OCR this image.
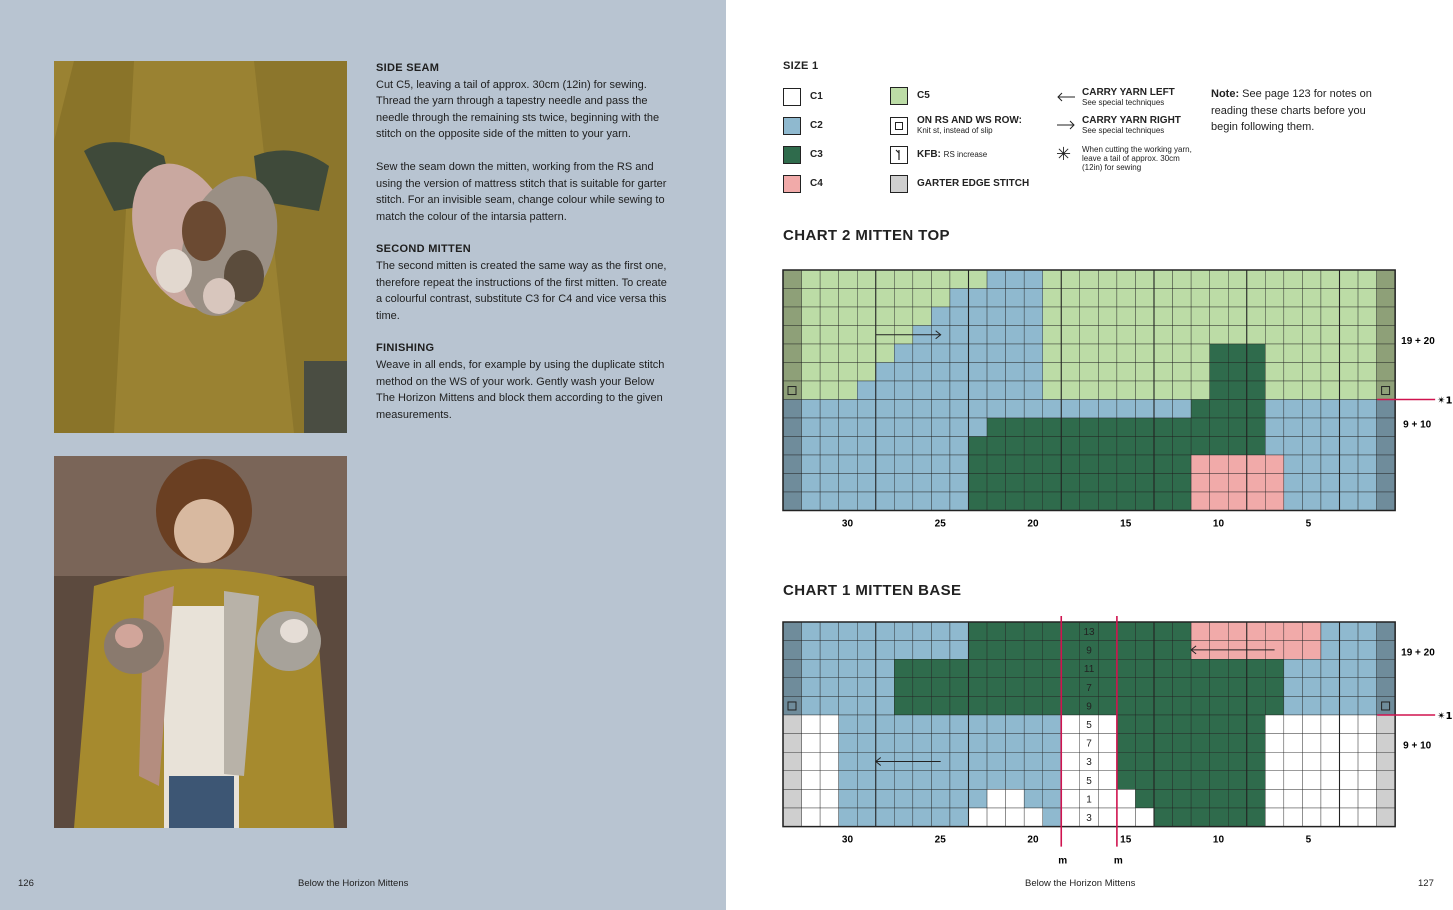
SIDE SEAM
Cut C5, leaving a tail of approx. 30cm (12in) for sewing. Thread the yarn through a tapestry needle and pass the needle through the remaining sts twice, beginning with the stitch on the opposite side of the mitten to your yarn.
Sew the seam down the mitten, working from the RS and using the version of mattress stitch that is suitable for garter stitch. For an invisible seam, change colour while sewing to match the colour of the intarsia pattern.
SECOND MITTEN
The second mitten is created the same way as the first one, therefore repeat the instructions of the first mitten. To create a colourful contrast, substitute C3 for C4 and vice versa this time.
FINISHING
Weave in all ends, for example by using the duplicate stitch method on the WS of your work. Gently wash your Below The Horizon Mittens and block them according to the given measurements.
126	Below the Horizon Mittens
SIZE 1
C1
C2
C3
C4
C5
ON RS AND WS ROW:
Knit st, instead of slip
KFB: RS increase
GARTER EDGE STITCH
CARRY YARN LEFT
See special techniques
CARRY YARN RIGHT
See special techniques
✳	When cutting the working yarn, leave a tail of approx. 30cm (12in) for sewing
Note: See page 123 for notes on reading these charts before you begin following them.
CHART 2 MITTEN TOP
CHART 1 MITTEN BASE
19 + 20
9 + 10
✴1
30	25	20	15	10	5
13
9
11
7
9
5
7
3
5
1
3
m	m
19 + 20
9 + 10
✴1
30	25	20	15	10	5
Below the Horizon Mittens	127
